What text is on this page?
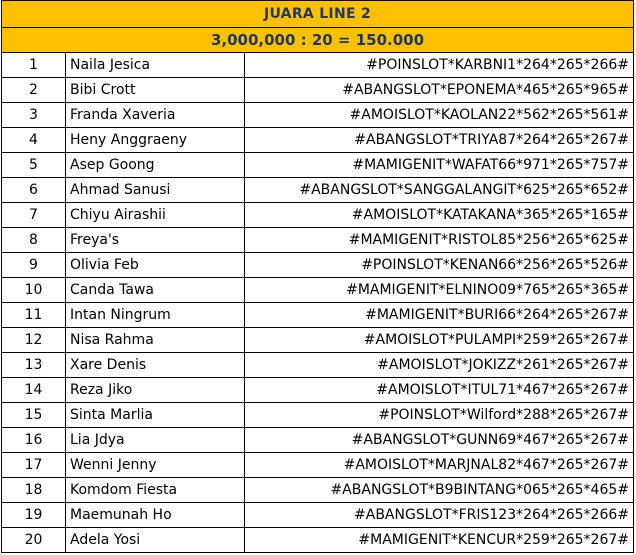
JUARA LINE 2		
3,000,000 : 20 = 150.000		
1	Naila Jesica	#POINSLOT*KARBNI1*264*265*266#
2	Bibi Crott	#ABANGSLOT*EPONEMA*465*265*965#
3	Franda Xaveria	#AMOISLOT*KAOLAN22*562*265*561#
4	Heny Anggraeny	#ABANGSLOT*TRIYA87*264*265*267#
5	Asep Goong	#MAMIGENIT*WAFAT66*971*265*757#
6	Ahmad Sanusi	#ABANGSLOT*SANGGALANGIT*625*265*652#
7	Chiyu Airashii	#AMOISLOT*KATAKANA*365*265*165#
8	Freya's	#MAMIGENIT*RISTOL85*256*265*625#
9	Olivia Feb	#POINSLOT*KENAN66*256*265*526#
10	Canda Tawa	#MAMIGENIT*ELNINO09*765*265*365#
11	Intan Ningrum	#MAMIGENIT*BURI66*264*265*267#
12	Nisa Rahma	#AMOISLOT*PULAMPI*259*265*267#
13	Xare Denis	#AMOISLOT*JOKIZZ*261*265*267#
14	Reza Jiko	#AMOISLOT*ITUL71*467*265*267#
15	Sinta Marlia	#POINSLOT*Wilford*288*265*267#
16	Lia Jdya	#ABANGSLOT*GUNN69*467*265*267#
17	Wenni Jenny	#AMOISLOT*MARJNAL82*467*265*267#
18	Komdom Fiesta	#ABANGSLOT*B9BINTANG*065*265*465#
19	Maemunah Ho	#ABANGSLOT*FRIS123*264*265*266#
20	Adela Yosi	#MAMIGENIT*KENCUR*259*265*267#
